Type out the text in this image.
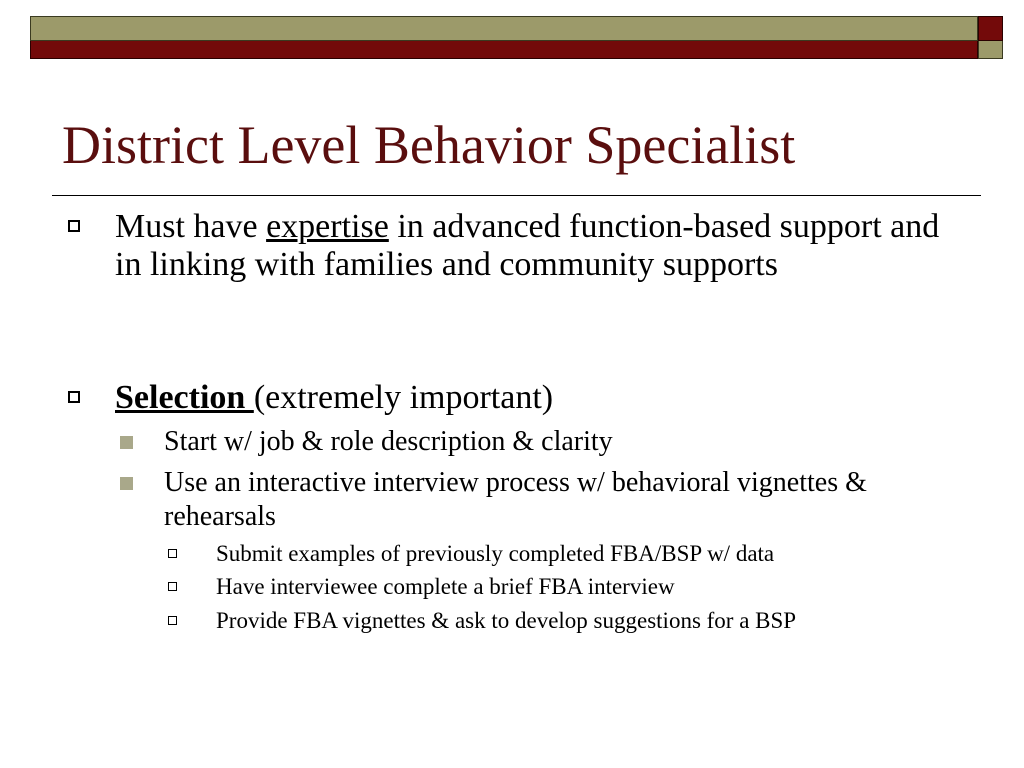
District Level Behavior Specialist
Must have expertise in advanced function-based support and in linking with families and community supports
Selection (extremely important)
Start w/ job & role description & clarity
Use an interactive interview process w/ behavioral vignettes & rehearsals
Submit examples of previously completed FBA/BSP w/ data
Have interviewee complete a brief FBA interview
Provide FBA vignettes & ask to develop suggestions for a BSP
